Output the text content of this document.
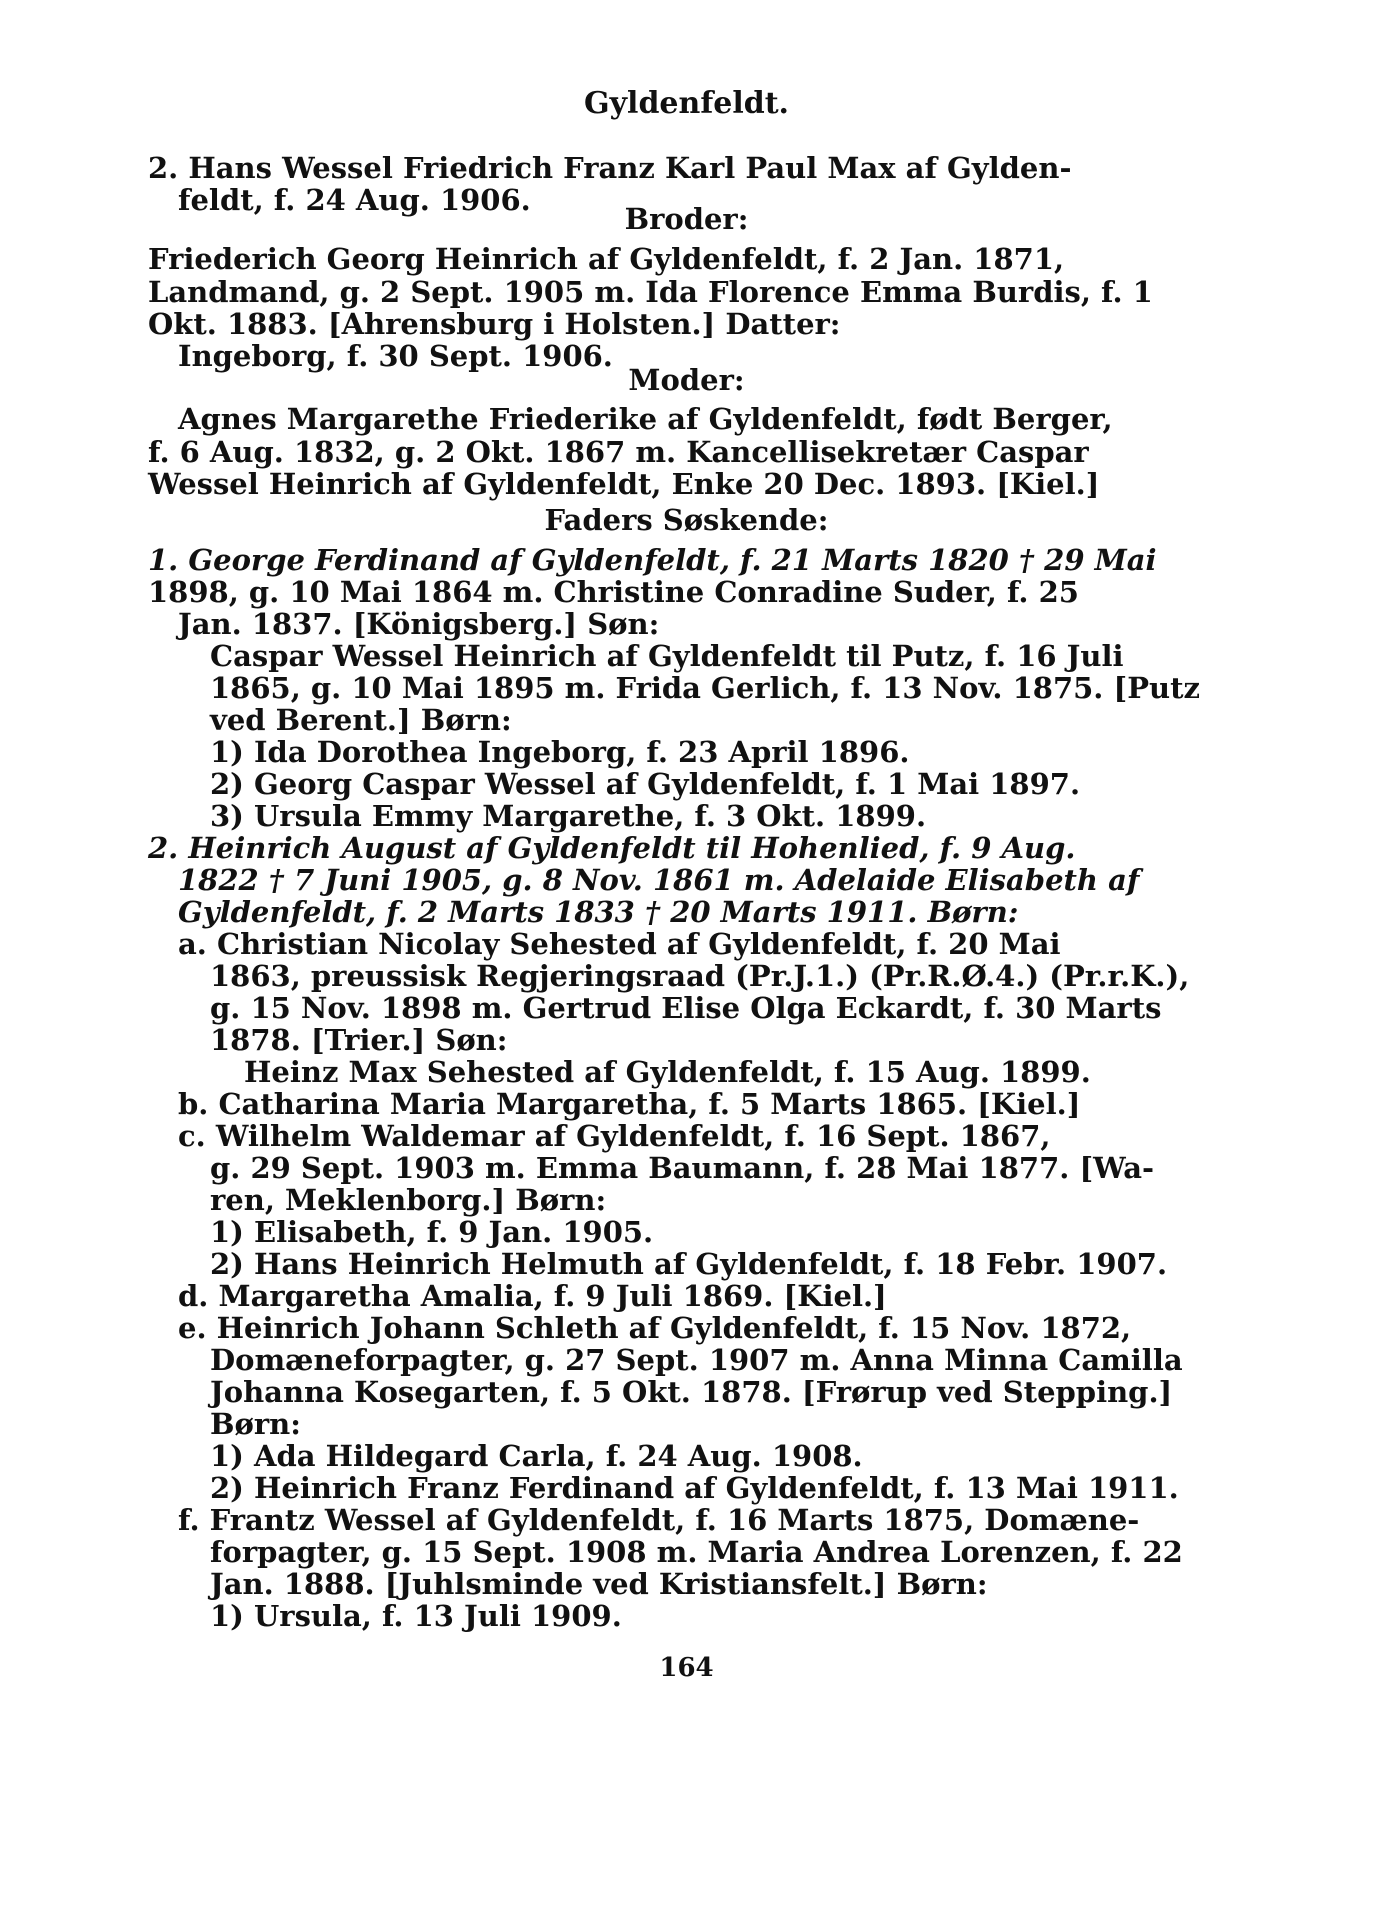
Gyldenfeldt.
2. Hans Wessel Friedrich Franz Karl Paul Max af Gylden-
feldt, f. 24 Aug. 1906.
Broder:
Friederich Georg Heinrich af Gyldenfeldt, f. 2 Jan. 1871,
Landmand, g. 2 Sept. 1905 m. Ida Florence Emma Burdis, f. 1
Okt. 1883. [Ahrensburg i Holsten.] Datter:
Ingeborg, f. 30 Sept. 1906.
Moder:
Agnes Margarethe Friederike af Gyldenfeldt, født Berger,
f. 6 Aug. 1832, g. 2 Okt. 1867 m. Kancellisekretær Caspar
Wessel Heinrich af Gyldenfeldt, Enke 20 Dec. 1893. [Kiel.]
Faders Søskende:
1. George Ferdinand af Gyldenfeldt, f. 21 Marts 1820 † 29 Mai
1898, g. 10 Mai 1864 m. Christine Conradine Suder, f. 25
Jan. 1837. [Königsberg.] Søn:
Caspar Wessel Heinrich af Gyldenfeldt til Putz, f. 16 Juli
1865, g. 10 Mai 1895 m. Frida Gerlich, f. 13 Nov. 1875. [Putz
ved Berent.] Børn:
1) Ida Dorothea Ingeborg, f. 23 April 1896.
2) Georg Caspar Wessel af Gyldenfeldt, f. 1 Mai 1897.
3) Ursula Emmy Margarethe, f. 3 Okt. 1899.
2. Heinrich August af Gyldenfeldt til Hohenlied, f. 9 Aug.
1822 † 7 Juni 1905, g. 8 Nov. 1861 m. Adelaide Elisabeth af
Gyldenfeldt, f. 2 Marts 1833 † 20 Marts 1911. Børn:
a. Christian Nicolay Sehested af Gyldenfeldt, f. 20 Mai
1863, preussisk Regjeringsraad (Pr.J.1.) (Pr.R.Ø.4.) (Pr.r.K.),
g. 15 Nov. 1898 m. Gertrud Elise Olga Eckardt, f. 30 Marts
1878. [Trier.] Søn:
Heinz Max Sehested af Gyldenfeldt, f. 15 Aug. 1899.
b. Catharina Maria Margaretha, f. 5 Marts 1865. [Kiel.]
c. Wilhelm Waldemar af Gyldenfeldt, f. 16 Sept. 1867,
g. 29 Sept. 1903 m. Emma Baumann, f. 28 Mai 1877. [Wa-
ren, Meklenborg.] Børn:
1) Elisabeth, f. 9 Jan. 1905.
2) Hans Heinrich Helmuth af Gyldenfeldt, f. 18 Febr. 1907.
d. Margaretha Amalia, f. 9 Juli 1869. [Kiel.]
e. Heinrich Johann Schleth af Gyldenfeldt, f. 15 Nov. 1872,
Domæneforpagter, g. 27 Sept. 1907 m. Anna Minna Camilla
Johanna Kosegarten, f. 5 Okt. 1878. [Frørup ved Stepping.]
Børn:
1) Ada Hildegard Carla, f. 24 Aug. 1908.
2) Heinrich Franz Ferdinand af Gyldenfeldt, f. 13 Mai 1911.
f. Frantz Wessel af Gyldenfeldt, f. 16 Marts 1875, Domæne-
forpagter, g. 15 Sept. 1908 m. Maria Andrea Lorenzen, f. 22
Jan. 1888. [Juhlsminde ved Kristiansfelt.] Børn:
1) Ursula, f. 13 Juli 1909.
164
